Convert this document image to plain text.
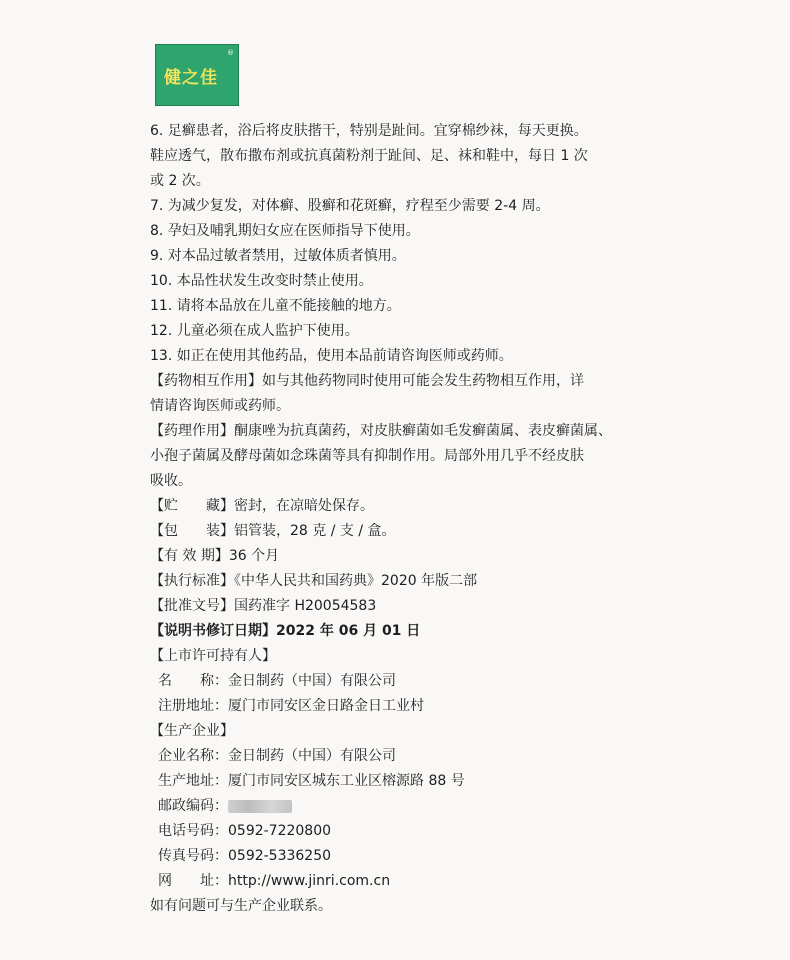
健之佳
®
6. 足癣患者，浴后将皮肤揩干，特别是趾间。宜穿棉纱袜，每天更换。
鞋应透气，散布撒布剂或抗真菌粉剂于趾间、足、袜和鞋中，每日 1 次
或 2 次。
7. 为减少复发，对体癣、股癣和花斑癣，疗程至少需要 2-4 周。
8. 孕妇及哺乳期妇女应在医师指导下使用。
9. 对本品过敏者禁用，过敏体质者慎用。
10. 本品性状发生改变时禁止使用。
11. 请将本品放在儿童不能接触的地方。
12. 儿童必须在成人监护下使用。
13. 如正在使用其他药品，使用本品前请咨询医师或药师。
【药物相互作用】如与其他药物同时使用可能会发生药物相互作用，详
情请咨询医师或药师。
【药理作用】酮康唑为抗真菌药，对皮肤癣菌如毛发癣菌属、表皮癣菌属、
小孢子菌属及酵母菌如念珠菌等具有抑制作用。局部外用几乎不经皮肤
吸收。
【贮　　藏】密封，在凉暗处保存。
【包　　装】铝管装，28 克 / 支 / 盒。
【有 效 期】36 个月
【执行标准】《中华人民共和国药典》2020 年版二部
【批准文号】国药准字 H20054583
【说明书修订日期】2022 年 06 月 01 日
【上市许可持有人】
名　　称：金日制药（中国）有限公司
注册地址：厦门市同安区金日路金日工业村
【生产企业】
企业名称：金日制药（中国）有限公司
生产地址：厦门市同安区城东工业区榕源路 88 号
邮政编码：
电话号码：0592-7220800
传真号码：0592-5336250
网　　址：http://www.jinri.com.cn
如有问题可与生产企业联系。
